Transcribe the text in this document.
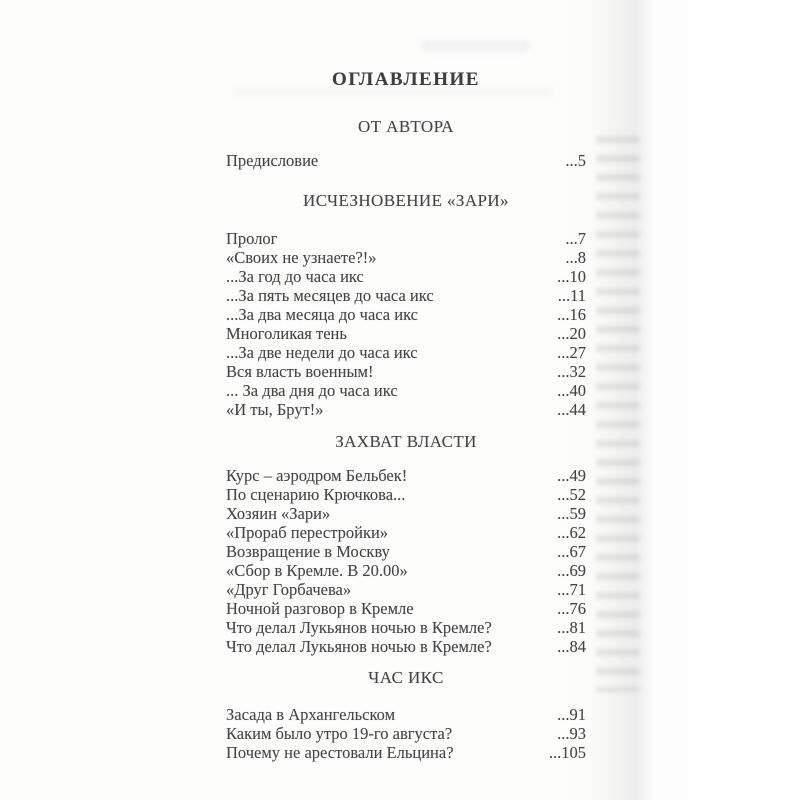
ОГЛАВЛЕНИЕ
ОТ АВТОРА
Предисловие	...5
ИСЧЕЗНОВЕНИЕ «ЗАРИ»
Пролог	...7
«Своих не узнаете?!»	...8
...За год до часа икс	...10
...За пять месяцев до часа икс	...11
...За два месяца до часа икс	...16
Многоликая тень	...20
...За две недели до часа икс	...27
Вся власть военным!	...32
... За два дня до часа икс	...40
«И ты, Брут!»	...44
ЗАХВАТ ВЛАСТИ
Курс – аэродром Бельбек!	...49
По сценарию Крючкова...	...52
Хозяин «Зари»	...59
«Прораб перестройки»	...62
Возвращение в Москву	...67
«Сбор в Кремле. В 20.00»	...69
«Друг Горбачева»	...71
Ночной разговор в Кремле	...76
Что делал Лукьянов ночью в Кремле?	...81
Что делал Лукьянов ночью в Кремле?	...84
ЧАС ИКС
Засада в Архангельском	...91
Каким было утро 19-го августа?	...93
Почему не арестовали Ельцина?	...105
